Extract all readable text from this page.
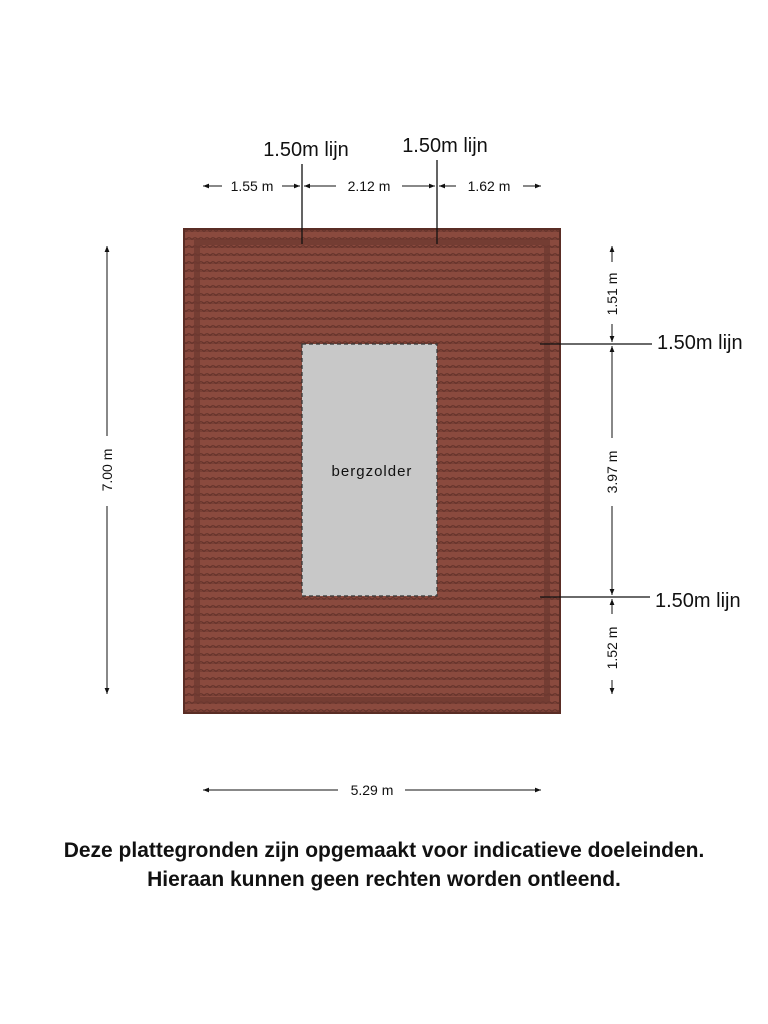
bergzolder
1.50m lijn	1.50m lijn
1.50m lijn
1.50m lijn
1.55 m	2.12 m	1.62 m
7.00 m
1.51 m
3.97 m
1.52 m
5.29 m
Deze plattegronden zijn opgemaakt voor indicatieve doeleinden.
Hieraan kunnen geen rechten worden ontleend.
